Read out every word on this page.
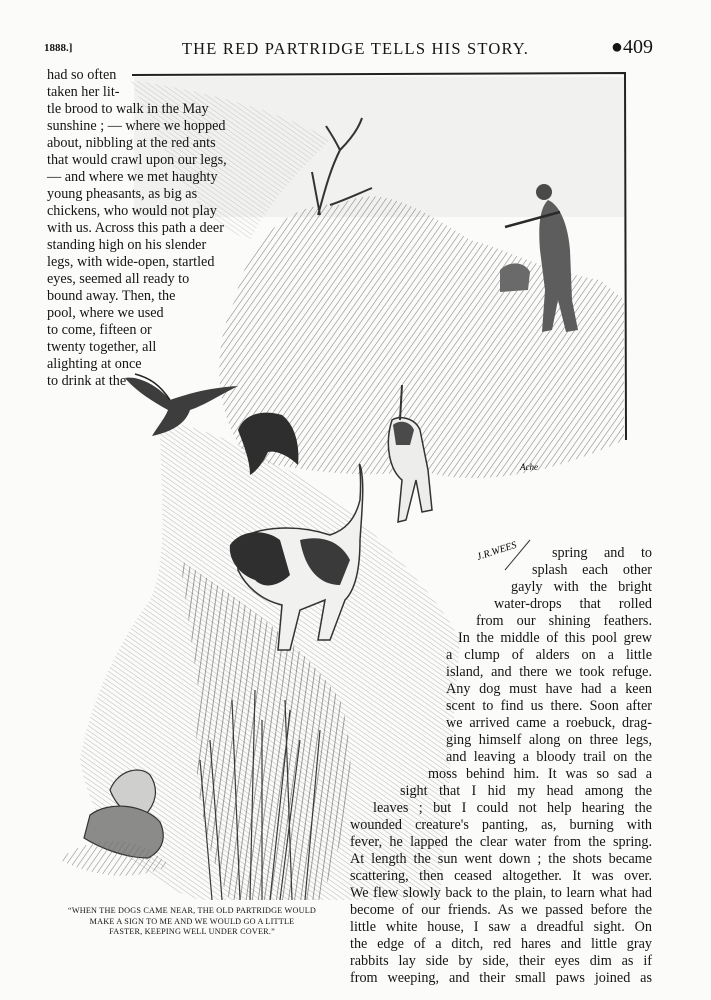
1888.]	THE RED PARTRIDGE TELLS HIS STORY.	●409
J.R.WEES
Ache
had so often
taken her lit-
tle brood to walk in the May
sunshine ; — where we hopped
about, nibbling at the red ants
that would crawl upon our legs,
— and where we met haughty
young pheasants, as big as
chickens, who would not play
with us. Across this path a deer
standing high on his slender
legs, with wide-open, startled
eyes, seemed all ready to
bound away. Then, the
pool, where we used
to come, fifteen or
twenty together, all
alighting at once
to drink at the
spring and to
splash each other
gayly with the bright
water-drops that rolled
from our shining feathers.
In the middle of this pool grew
a clump of alders on a little
island, and there we took refuge.
Any dog must have had a keen
scent to find us there. Soon after
we arrived came a roebuck, drag-
ging himself along on three legs,
and leaving a bloody trail on the
moss behind him. It was so sad a
sight that I hid my head among the
leaves ; but I could not help hearing the
wounded creature's panting, as, burning with
fever, he lapped the clear water from the spring.
At length the sun went down ; the shots became
scattering, then ceased altogether. It was over.
We flew slowly back to the plain, to learn what had
become of our friends. As we passed before the
little white house, I saw a dreadful sight. On
the edge of a ditch, red hares and little gray
rabbits lay side by side, their eyes dim as if
from weeping, and their small paws joined as
“WHEN THE DOGS CAME NEAR, THE OLD PARTRIDGE WOULD
MAKE A SIGN TO ME AND WE WOULD GO A LITTLE
FASTER, KEEPING WELL UNDER COVER.”
